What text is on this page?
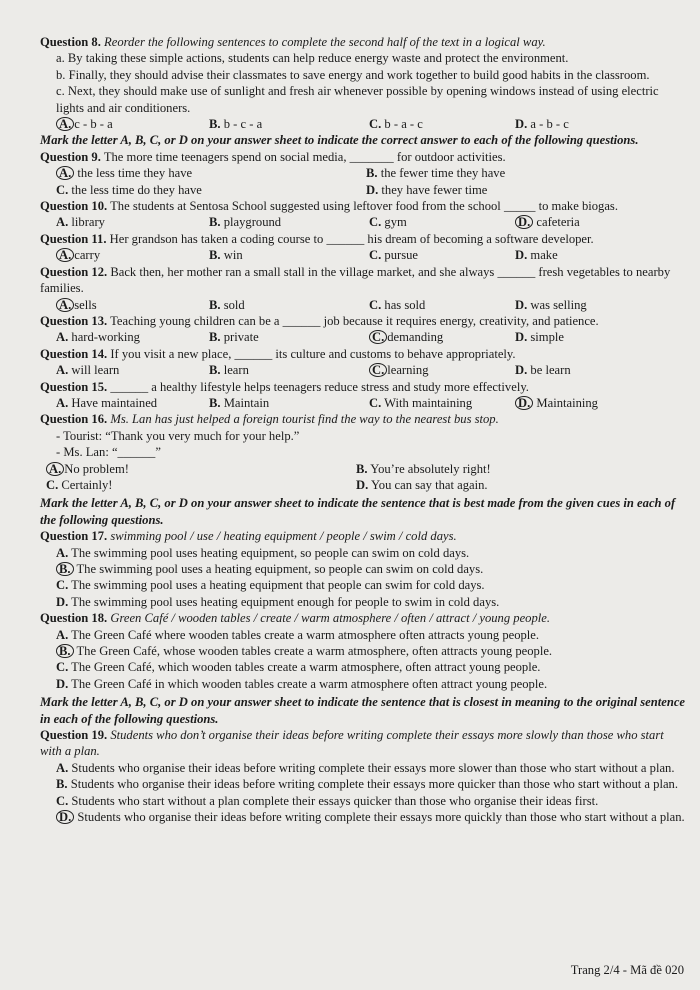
Question 8. Reorder the following sentences to complete the second half of the text in a logical way.
a. By taking these simple actions, students can help reduce energy waste and protect the environment.
b. Finally, they should advise their classmates to save energy and work together to build good habits in the classroom.
c. Next, they should make use of sunlight and fresh air whenever possible by opening windows instead of using electric lights and air conditioners.
A. c - b - a	B. b - c - a	C. b - a - c	D. a - b - c
Mark the letter A, B, C, or D on your answer sheet to indicate the correct answer to each of the following questions.
Question 9. The more time teenagers spend on social media, _______ for outdoor activities.
A. the less time they have	B. the fewer time they have
C. the less time do they have	D. they have fewer time
Question 10. The students at Sentosa School suggested using leftover food from the school _____ to make biogas.
A. library	B. playground	C. gym	D. cafeteria
Question 11. Her grandson has taken a coding course to ______ his dream of becoming a software developer.
A. carry	B. win	C. pursue	D. make
Question 12. Back then, her mother ran a small stall in the village market, and she always ______ fresh vegetables to nearby families.
A. sells	B. sold	C. has sold	D. was selling
Question 13. Teaching young children can be a ______ job because it requires energy, creativity, and patience.
A. hard-working	B. private	C. demanding	D. simple
Question 14. If you visit a new place, ______ its culture and customs to behave appropriately.
A. will learn	B. learn	C. learning	D. be learn
Question 15. ______ a healthy lifestyle helps teenagers reduce stress and study more effectively.
A. Have maintained	B. Maintain	C. With maintaining	D. Maintaining
Question 16. Ms. Lan has just helped a foreign tourist find the way to the nearest bus stop.
- Tourist: “Thank you very much for your help.”
- Ms. Lan: “______”
A. No problem!	B. You’re absolutely right!
C. Certainly!	D. You can say that again.
Mark the letter A, B, C, or D on your answer sheet to indicate the sentence that is best made from the given cues in each of the following questions.
Question 17. swimming pool / use / heating equipment / people / swim / cold days.
A. The swimming pool uses heating equipment, so people can swim on cold days.
B. The swimming pool uses a heating equipment, so people can swim on cold days.
C. The swimming pool uses a heating equipment that people can swim for cold days.
D. The swimming pool uses heating equipment enough for people to swim in cold days.
Question 18. Green Café / wooden tables / create / warm atmosphere / often / attract / young people.
A. The Green Café where wooden tables create a warm atmosphere often attracts young people.
B. The Green Café, whose wooden tables create a warm atmosphere, often attracts young people.
C. The Green Café, which wooden tables create a warm atmosphere, often attract young people.
D. The Green Café in which wooden tables create a warm atmosphere often attract young people.
Mark the letter A, B, C, or D on your answer sheet to indicate the sentence that is closest in meaning to the original sentence in each of the following questions.
Question 19. Students who don’t organise their ideas before writing complete their essays more slowly than those who start with a plan.
A. Students who organise their ideas before writing complete their essays more slower than those who start without a plan.
B. Students who organise their ideas before writing complete their essays more quicker than those who start without a plan.
C. Students who start without a plan complete their essays quicker than those who organise their ideas first.
D. Students who organise their ideas before writing complete their essays more quickly than those who start without a plan.
Trang 2/4 - Mã đề 020
